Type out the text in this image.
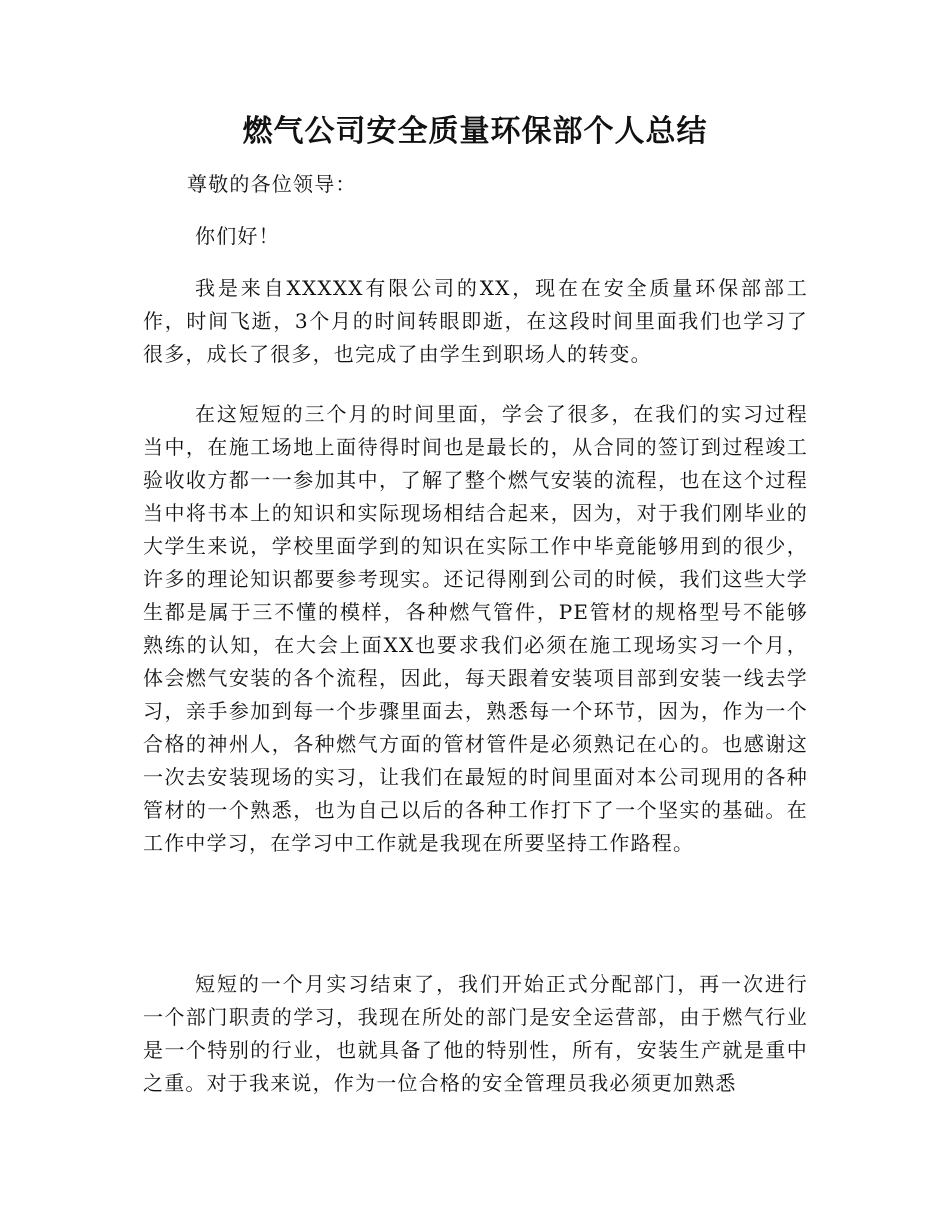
燃气公司安全质量环保部个人总结

尊敬的各位领导：

你们好！

我是来自XXXXX有限公司的XX，现在在安全质量环保部部工作，时间飞逝，3个月的时间转眼即逝，在这段时间里面我们也学习了很多，成长了很多，也完成了由学生到职场人的转变。

在这短短的三个月的时间里面，学会了很多，在我们的实习过程当中，在施工场地上面待得时间也是最长的，从合同的签订到过程竣工验收收方都一一参加其中，了解了整个燃气安装的流程，也在这个过程当中将书本上的知识和实际现场相结合起来，因为，对于我们刚毕业的大学生来说，学校里面学到的知识在实际工作中毕竟能够用到的很少，许多的理论知识都要参考现实。还记得刚到公司的时候，我们这些大学生都是属于三不懂的模样，各种燃气管件，PE管材的规格型号不能够熟练的认知，在大会上面XX也要求我们必须在施工现场实习一个月，体会燃气安装的各个流程，因此，每天跟着安装项目部到安装一线去学习，亲手参加到每一个步骤里面去，熟悉每一个环节，因为，作为一个合格的神州人，各种燃气方面的管材管件是必须熟记在心的。也感谢这一次去安装现场的实习，让我们在最短的时间里面对本公司现用的各种管材的一个熟悉，也为自己以后的各种工作打下了一个坚实的基础。在工作中学习，在学习中工作就是我现在所要坚持工作路程。

短短的一个月实习结束了，我们开始正式分配部门，再一次进行一个部门职责的学习，我现在所处的部门是安全运营部，由于燃气行业是一个特别的行业，也就具备了他的特别性，所有，安装生产就是重中之重。对于我来说，作为一位合格的安全管理员我必须更加熟悉
